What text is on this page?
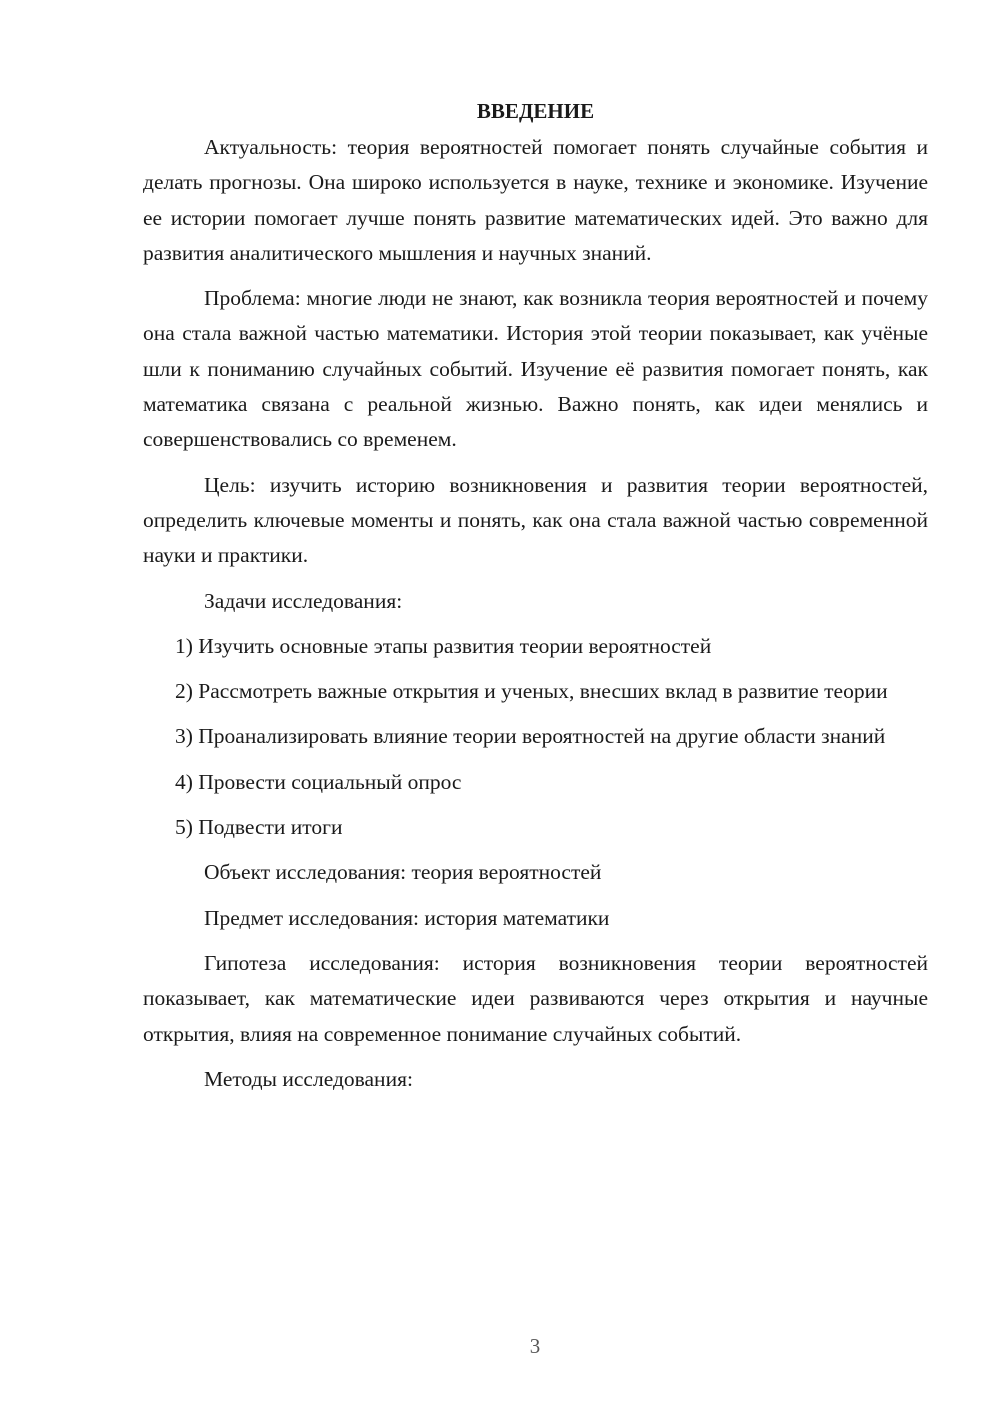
ВВЕДЕНИЕ

Актуальность: теория вероятностей помогает понять случайные события и делать прогнозы. Она широко используется в науке, технике и экономике. Изучение ее истории помогает лучше понять развитие математических идей. Это важно для развития аналитического мышления и научных знаний.

Проблема: многие люди не знают, как возникла теория вероятностей и почему она стала важной частью математики. История этой теории показывает, как учёные шли к пониманию случайных событий. Изучение её развития помогает понять, как математика связана с реальной жизнью. Важно понять, как идеи менялись и совершенствовались со временем.

Цель: изучить историю возникновения и развития теории вероятностей, определить ключевые моменты и понять, как она стала важной частью современной науки и практики.

Задачи исследования:

1) Изучить основные этапы развития теории вероятностей

2) Рассмотреть важные открытия и ученых, внесших вклад в развитие теории

3) Проанализировать влияние теории вероятностей на другие области знаний

4) Провести социальный опрос

5) Подвести итоги

Объект исследования: теория вероятностей

Предмет исследования: история математики

Гипотеза исследования: история возникновения теории вероятностей показывает, как математические идеи развиваются через открытия и научные открытия, влияя на современное понимание случайных событий.

Методы исследования:

3
